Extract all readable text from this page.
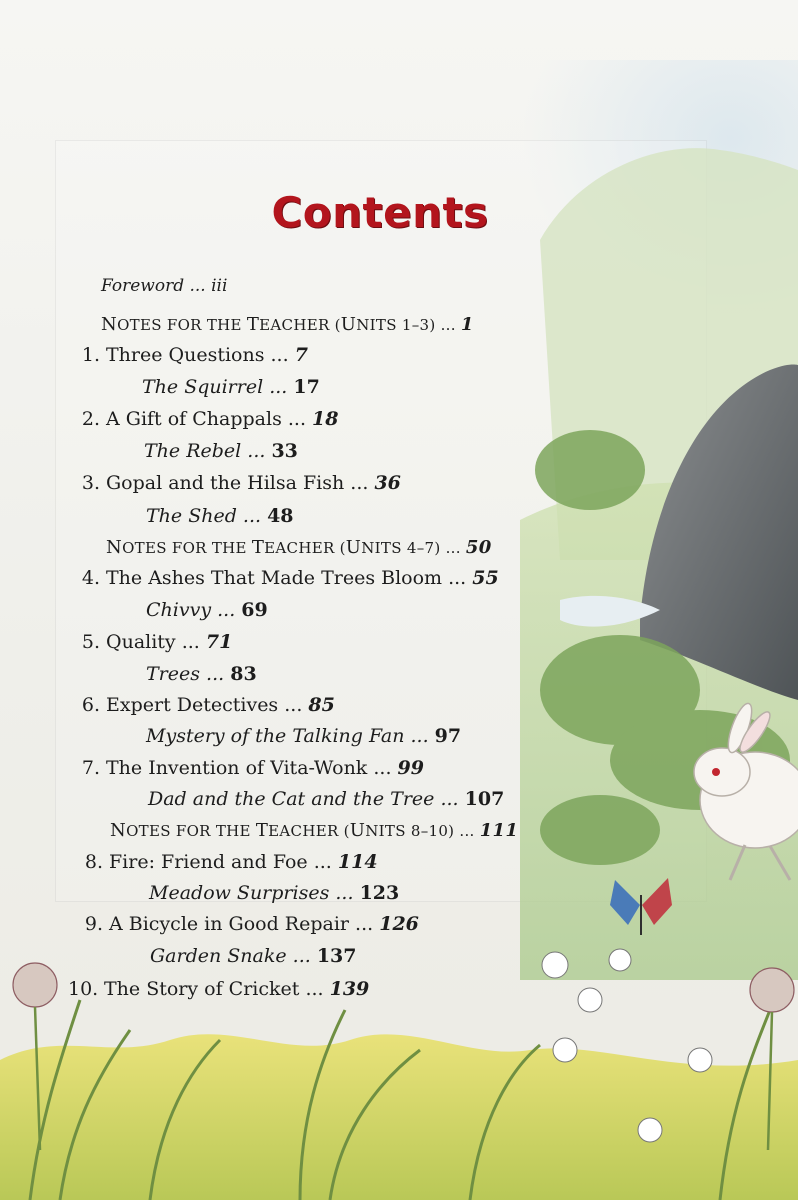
Contents
Foreword ... iii
NOTES FOR THE TEACHER (UNITS 1–3) ... 1
1. Three Questions ... 7
The Squirrel ... 17
2. A Gift of Chappals ... 18
The Rebel ... 33
3. Gopal and the Hilsa Fish ... 36
The Shed ... 48
NOTES FOR THE TEACHER (UNITS 4–7) ... 50
4. The Ashes That Made Trees Bloom ... 55
Chivvy ... 69
5. Quality ... 71
Trees ... 83
6. Expert Detectives ... 85
Mystery of the Talking Fan ... 97
7. The Invention of Vita-Wonk ... 99
Dad and the Cat and the Tree ... 107
NOTES FOR THE TEACHER (UNITS 8–10) ... 111
8. Fire: Friend and Foe ... 114
Meadow Surprises ... 123
9. A Bicycle in Good Repair ... 126
Garden Snake ... 137
10. The Story of Cricket ... 139
